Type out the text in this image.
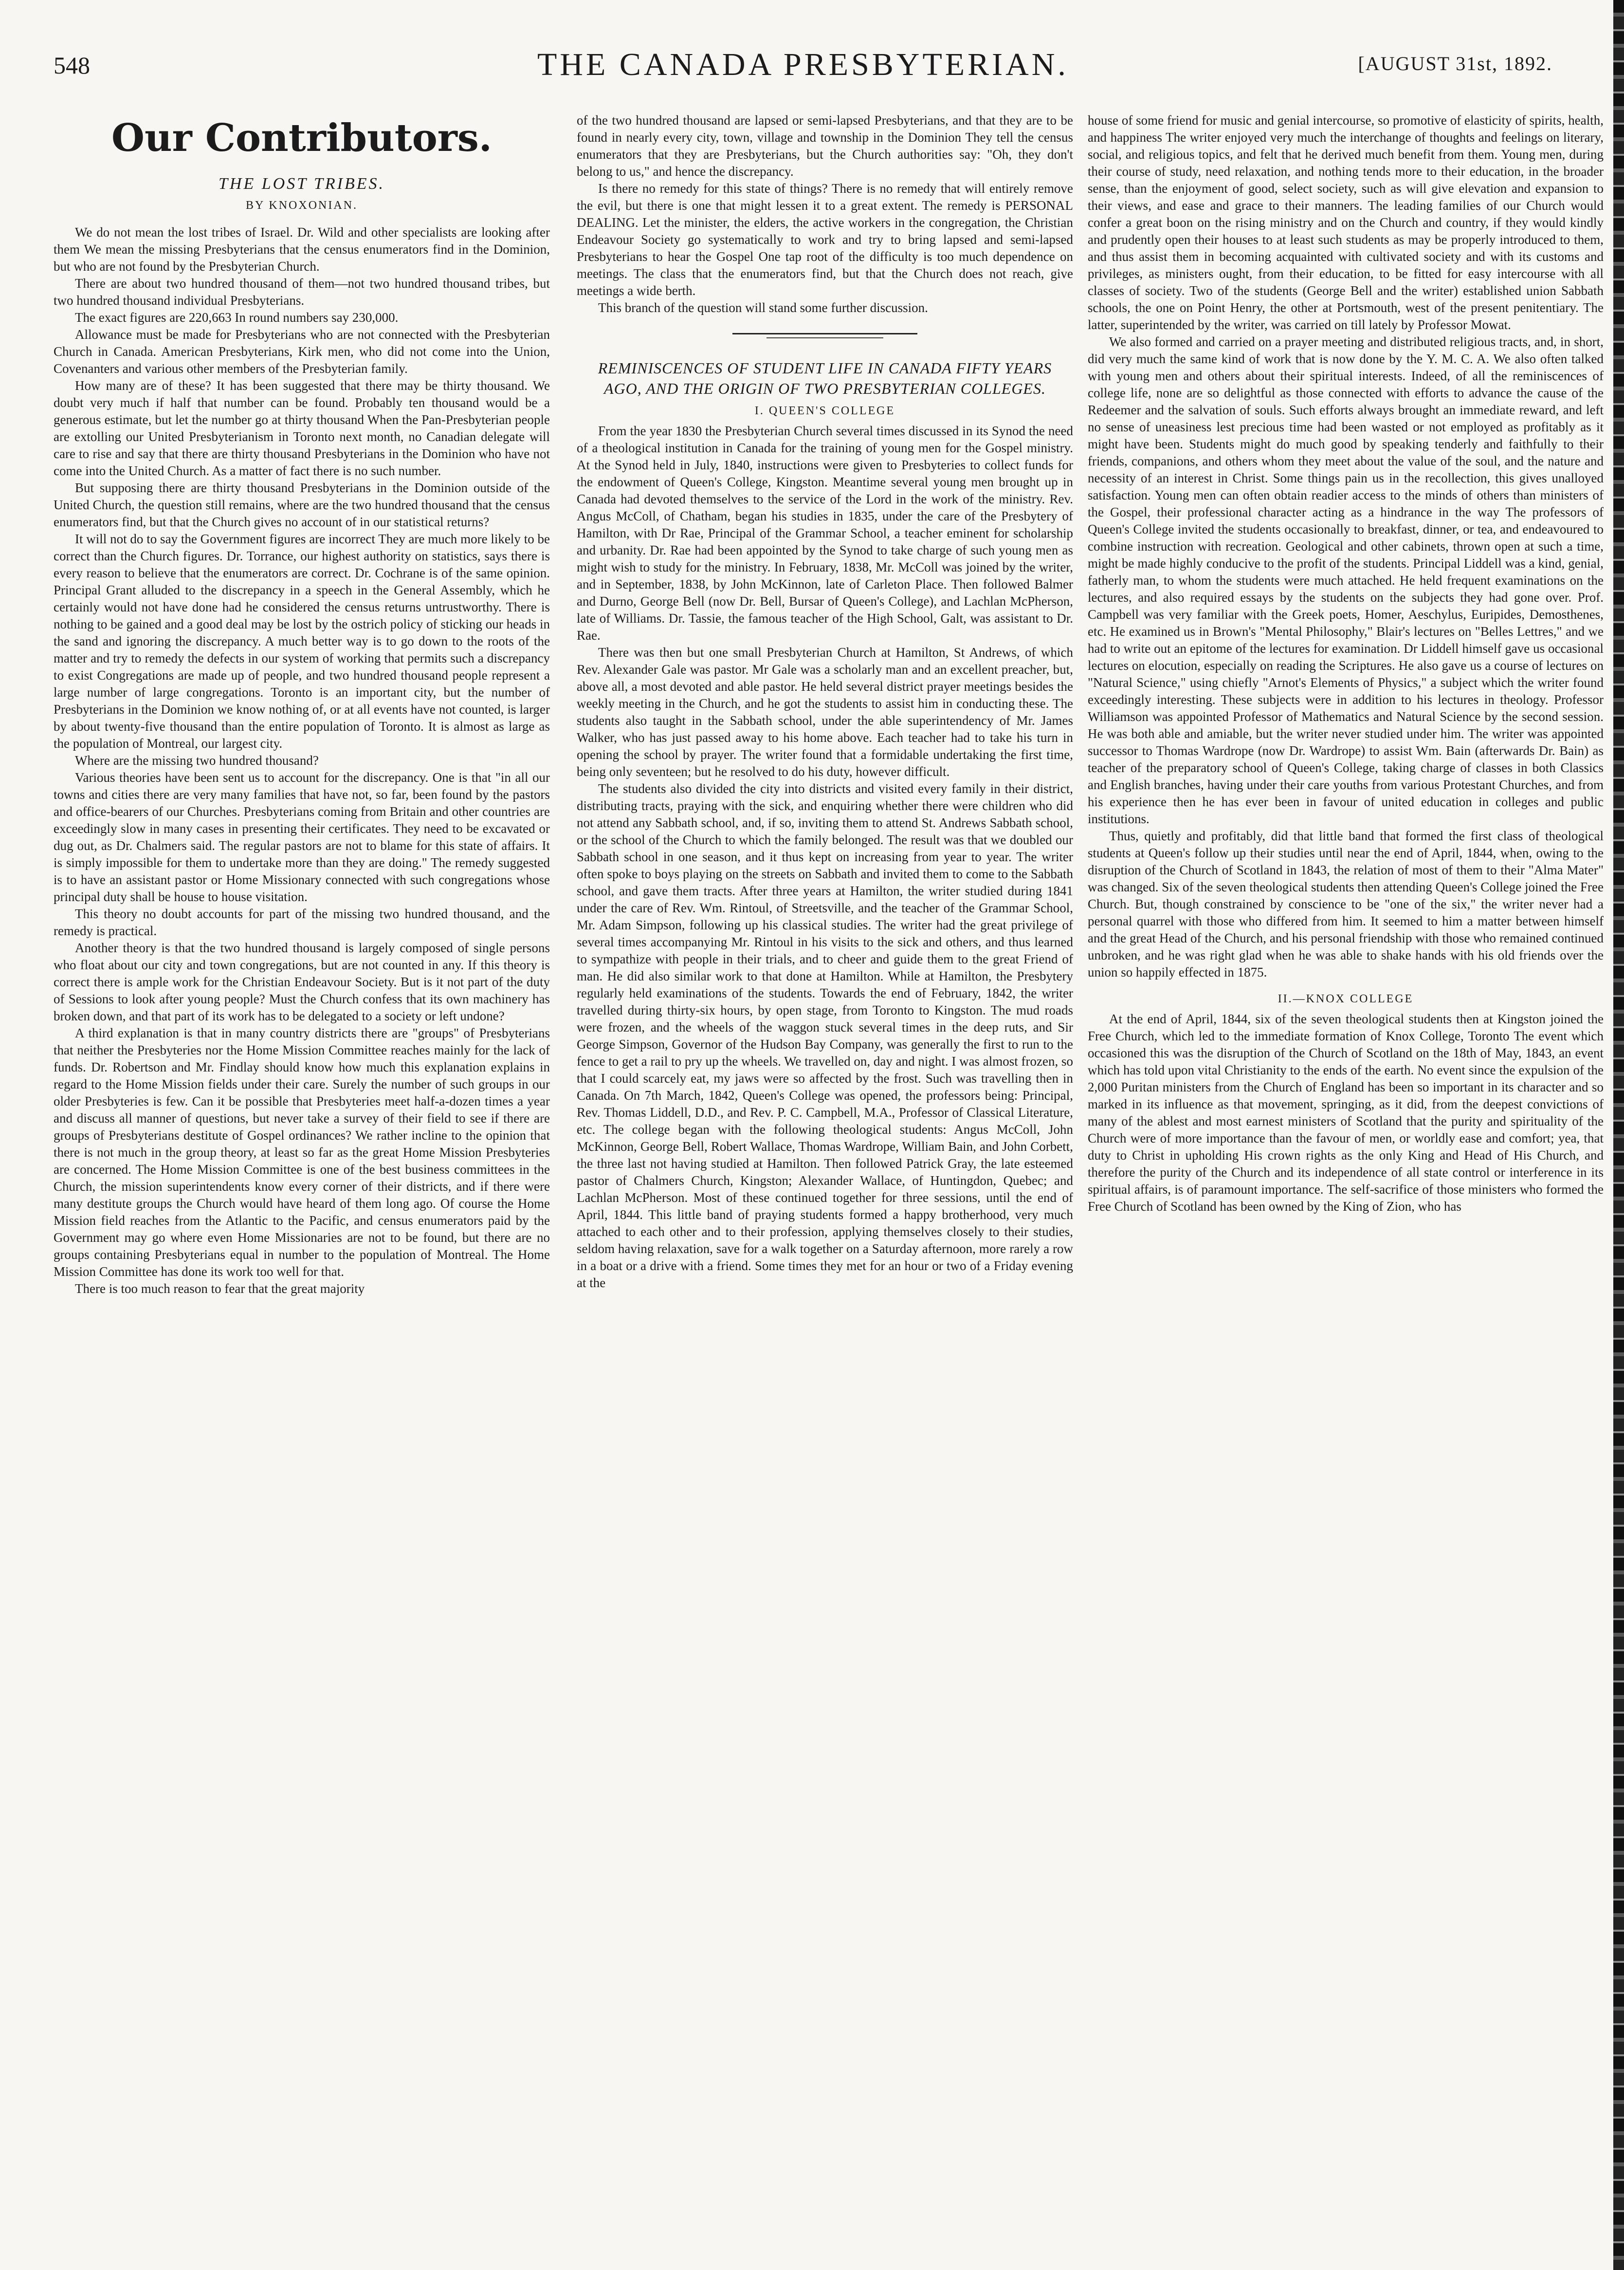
548	THE CANADA PRESBYTERIAN.	[AUGUST 31st, 1892.
Our Contributors.
THE LOST TRIBES.
BY KNOXONIAN.

We do not mean the lost tribes of Israel. Dr. Wild and other specialists are looking after them We mean the missing Presbyterians that the census enumerators find in the Dominion, but who are not found by the Presbyterian Church.

There are about two hundred thousand of them—not two hundred thousand tribes, but two hundred thousand individual Presbyterians.

The exact figures are 220,663 In round numbers say 230,000.

Allowance must be made for Presbyterians who are not connected with the Presbyterian Church in Canada. American Presbyterians, Kirk men, who did not come into the Union, Covenanters and various other members of the Presbyterian family.

How many are of these? It has been suggested that there may be thirty thousand. We doubt very much if half that number can be found. Probably ten thousand would be a generous estimate, but let the number go at thirty thousand When the Pan-Presbyterian people are extolling our United Presbyterianism in Toronto next month, no Canadian delegate will care to rise and say that there are thirty thousand Presbyterians in the Dominion who have not come into the United Church. As a matter of fact there is no such number.

But supposing there are thirty thousand Presbyterians in the Dominion outside of the United Church, the question still remains, where are the two hundred thousand that the census enumerators find, but that the Church gives no account of in our statistical returns?

It will not do to say the Government figures are incorrect They are much more likely to be correct than the Church figures. Dr. Torrance, our highest authority on statistics, says there is every reason to believe that the enumerators are correct. Dr. Cochrane is of the same opinion. Principal Grant alluded to the discrepancy in a speech in the General Assembly, which he certainly would not have done had he considered the census returns untrustworthy. There is nothing to be gained and a good deal may be lost by the ostrich policy of sticking our heads in the sand and ignoring the discrepancy. A much better way is to go down to the roots of the matter and try to remedy the defects in our system of working that permits such a discrepancy to exist Congregations are made up of people, and two hundred thousand people represent a large number of large congregations. Toronto is an important city, but the number of Presbyterians in the Dominion we know nothing of, or at all events have not counted, is larger by about twenty-five thousand than the entire population of Toronto. It is almost as large as the population of Montreal, our largest city.

Where are the missing two hundred thousand?

Various theories have been sent us to account for the discrepancy. One is that "in all our towns and cities there are very many families that have not, so far, been found by the pastors and office-bearers of our Churches. Presbyterians coming from Britain and other countries are exceedingly slow in many cases in presenting their certificates. They need to be excavated or dug out, as Dr. Chalmers said. The regular pastors are not to blame for this state of affairs. It is simply impossible for them to undertake more than they are doing." The remedy suggested is to have an assistant pastor or Home Missionary connected with such congregations whose principal duty shall be house to house visitation.

This theory no doubt accounts for part of the missing two hundred thousand, and the remedy is practical.

Another theory is that the two hundred thousand is largely composed of single persons who float about our city and town congregations, but are not counted in any. If this theory is correct there is ample work for the Christian Endeavour Society. But is it not part of the duty of Sessions to look after young people? Must the Church confess that its own machinery has broken down, and that part of its work has to be delegated to a society or left undone?

A third explanation is that in many country districts there are "groups" of Presbyterians that neither the Presbyteries nor the Home Mission Committee reaches mainly for the lack of funds. Dr. Robertson and Mr. Findlay should know how much this explanation explains in regard to the Home Mission fields under their care. Surely the number of such groups in our older Presbyteries is few. Can it be possible that Presbyteries meet half-a-dozen times a year and discuss all manner of questions, but never take a survey of their field to see if there are groups of Presbyterians destitute of Gospel ordinances? We rather incline to the opinion that there is not much in the group theory, at least so far as the great Home Mission Presbyteries are concerned. The Home Mission Committee is one of the best business committees in the Church, the mission superintendents know every corner of their districts, and if there were many destitute groups the Church would have heard of them long ago. Of course the Home Mission field reaches from the Atlantic to the Pacific, and census enumerators paid by the Government may go where even Home Missionaries are not to be found, but there are no groups containing Presbyterians equal in number to the population of Montreal. The Home Mission Committee has done its work too well for that.

There is too much reason to fear that the great majority

of the two hundred thousand are lapsed or semi-lapsed Presbyterians, and that they are to be found in nearly every city, town, village and township in the Dominion They tell the census enumerators that they are Presbyterians, but the Church authorities say: "Oh, they don't belong to us," and hence the discrepancy.

Is there no remedy for this state of things? There is no remedy that will entirely remove the evil, but there is one that might lessen it to a great extent. The remedy is PERSONAL DEALING. Let the minister, the elders, the active workers in the congregation, the Christian Endeavour Society go systematically to work and try to bring lapsed and semi-lapsed Presbyterians to hear the Gospel One tap root of the difficulty is too much dependence on meetings. The class that the enumerators find, but that the Church does not reach, give meetings a wide berth.

This branch of the question will stand some further discussion.

REMINISCENCES OF STUDENT LIFE IN CANADA FIFTY YEARS AGO, AND THE ORIGIN OF TWO PRESBYTERIAN COLLEGES.
I. QUEEN'S COLLEGE

From the year 1830 the Presbyterian Church several times discussed in its Synod the need of a theological institution in Canada for the training of young men for the Gospel ministry. At the Synod held in July, 1840, instructions were given to Presbyteries to collect funds for the endowment of Queen's College, Kingston. Meantime several young men brought up in Canada had devoted themselves to the service of the Lord in the work of the ministry. Rev. Angus McColl, of Chatham, began his studies in 1835, under the care of the Presbytery of Hamilton, with Dr Rae, Principal of the Grammar School, a teacher eminent for scholarship and urbanity. Dr. Rae had been appointed by the Synod to take charge of such young men as might wish to study for the ministry. In February, 1838, Mr. McColl was joined by the writer, and in September, 1838, by John McKinnon, late of Carleton Place. Then followed Balmer and Durno, George Bell (now Dr. Bell, Bursar of Queen's College), and Lachlan McPherson, late of Williams. Dr. Tassie, the famous teacher of the High School, Galt, was assistant to Dr. Rae.

There was then but one small Presbyterian Church at Hamilton, St Andrews, of which Rev. Alexander Gale was pastor. Mr Gale was a scholarly man and an excellent preacher, but, above all, a most devoted and able pastor. He held several district prayer meetings besides the weekly meeting in the Church, and he got the students to assist him in conducting these. The students also taught in the Sabbath school, under the able superintendency of Mr. James Walker, who has just passed away to his home above. Each teacher had to take his turn in opening the school by prayer. The writer found that a formidable undertaking the first time, being only seventeen; but he resolved to do his duty, however difficult.

The students also divided the city into districts and visited every family in their district, distributing tracts, praying with the sick, and enquiring whether there were children who did not attend any Sabbath school, and, if so, inviting them to attend St. Andrews Sabbath school, or the school of the Church to which the family belonged. The result was that we doubled our Sabbath school in one season, and it thus kept on increasing from year to year. The writer often spoke to boys playing on the streets on Sabbath and invited them to come to the Sabbath school, and gave them tracts. After three years at Hamilton, the writer studied during 1841 under the care of Rev. Wm. Rintoul, of Streetsville, and the teacher of the Grammar School, Mr. Adam Simpson, following up his classical studies. The writer had the great privilege of several times accompanying Mr. Rintoul in his visits to the sick and others, and thus learned to sympathize with people in their trials, and to cheer and guide them to the great Friend of man. He did also similar work to that done at Hamilton. While at Hamilton, the Presbytery regularly held examinations of the students. Towards the end of February, 1842, the writer travelled during thirty-six hours, by open stage, from Toronto to Kingston. The mud roads were frozen, and the wheels of the waggon stuck several times in the deep ruts, and Sir George Simpson, Governor of the Hudson Bay Company, was generally the first to run to the fence to get a rail to pry up the wheels. We travelled on, day and night. I was almost frozen, so that I could scarcely eat, my jaws were so affected by the frost. Such was travelling then in Canada. On 7th March, 1842, Queen's College was opened, the professors being: Principal, Rev. Thomas Liddell, D.D., and Rev. P. C. Campbell, M.A., Professor of Classical Literature, etc. The college began with the following theological students: Angus McColl, John McKinnon, George Bell, Robert Wallace, Thomas Wardrope, William Bain, and John Corbett, the three last not having studied at Hamilton. Then followed Patrick Gray, the late esteemed pastor of Chalmers Church, Kingston; Alexander Wallace, of Huntingdon, Quebec; and Lachlan McPherson. Most of these continued together for three sessions, until the end of April, 1844. This little band of praying students formed a happy brotherhood, very much attached to each other and to their profession, applying themselves closely to their studies, seldom having relaxation, save for a walk together on a Saturday afternoon, more rarely a row in a boat or a drive with a friend. Some times they met for an hour or two of a Friday evening at the

house of some friend for music and genial intercourse, so promotive of elasticity of spirits, health, and happiness The writer enjoyed very much the interchange of thoughts and feelings on literary, social, and religious topics, and felt that he derived much benefit from them. Young men, during their course of study, need relaxation, and nothing tends more to their education, in the broader sense, than the enjoyment of good, select society, such as will give elevation and expansion to their views, and ease and grace to their manners. The leading families of our Church would confer a great boon on the rising ministry and on the Church and country, if they would kindly and prudently open their houses to at least such students as may be properly introduced to them, and thus assist them in becoming acquainted with cultivated society and with its customs and privileges, as ministers ought, from their education, to be fitted for easy intercourse with all classes of society. Two of the students (George Bell and the writer) established union Sabbath schools, the one on Point Henry, the other at Portsmouth, west of the present penitentiary. The latter, superintended by the writer, was carried on till lately by Professor Mowat.

We also formed and carried on a prayer meeting and distributed religious tracts, and, in short, did very much the same kind of work that is now done by the Y. M. C. A. We also often talked with young men and others about their spiritual interests. Indeed, of all the reminiscences of college life, none are so delightful as those connected with efforts to advance the cause of the Redeemer and the salvation of souls. Such efforts always brought an immediate reward, and left no sense of uneasiness lest precious time had been wasted or not employed as profitably as it might have been. Students might do much good by speaking tenderly and faithfully to their friends, companions, and others whom they meet about the value of the soul, and the nature and necessity of an interest in Christ. Some things pain us in the recollection, this gives unalloyed satisfaction. Young men can often obtain readier access to the minds of others than ministers of the Gospel, their professional character acting as a hindrance in the way The professors of Queen's College invited the students occasionally to breakfast, dinner, or tea, and endeavoured to combine instruction with recreation. Geological and other cabinets, thrown open at such a time, might be made highly conducive to the profit of the students. Principal Liddell was a kind, genial, fatherly man, to whom the students were much attached. He held frequent examinations on the lectures, and also required essays by the students on the subjects they had gone over. Prof. Campbell was very familiar with the Greek poets, Homer, Aeschylus, Euripides, Demosthenes, etc. He examined us in Brown's "Mental Philosophy," Blair's lectures on "Belles Lettres," and we had to write out an epitome of the lectures for examination. Dr Liddell himself gave us occasional lectures on elocution, especially on reading the Scriptures. He also gave us a course of lectures on "Natural Science," using chiefly "Arnot's Elements of Physics," a subject which the writer found exceedingly interesting. These subjects were in addition to his lectures in theology. Professor Williamson was appointed Professor of Mathematics and Natural Science by the second session. He was both able and amiable, but the writer never studied under him. The writer was appointed successor to Thomas Wardrope (now Dr. Wardrope) to assist Wm. Bain (afterwards Dr. Bain) as teacher of the preparatory school of Queen's College, taking charge of classes in both Classics and English branches, having under their care youths from various Protestant Churches, and from his experience then he has ever been in favour of united education in colleges and public institutions.

Thus, quietly and profitably, did that little band that formed the first class of theological students at Queen's follow up their studies until near the end of April, 1844, when, owing to the disruption of the Church of Scotland in 1843, the relation of most of them to their "Alma Mater" was changed. Six of the seven theological students then attending Queen's College joined the Free Church. But, though constrained by conscience to be "one of the six," the writer never had a personal quarrel with those who differed from him. It seemed to him a matter between himself and the great Head of the Church, and his personal friendship with those who remained continued unbroken, and he was right glad when he was able to shake hands with his old friends over the union so happily effected in 1875.

II.—KNOX COLLEGE

At the end of April, 1844, six of the seven theological students then at Kingston joined the Free Church, which led to the immediate formation of Knox College, Toronto The event which occasioned this was the disruption of the Church of Scotland on the 18th of May, 1843, an event which has told upon vital Christianity to the ends of the earth. No event since the expulsion of the 2,000 Puritan ministers from the Church of England has been so important in its character and so marked in its influence as that movement, springing, as it did, from the deepest convictions of many of the ablest and most earnest ministers of Scotland that the purity and spirituality of the Church were of more importance than the favour of men, or worldly ease and comfort; yea, that duty to Christ in upholding His crown rights as the only King and Head of His Church, and therefore the purity of the Church and its independence of all state control or interference in its spiritual affairs, is of paramount importance. The self-sacrifice of those ministers who formed the Free Church of Scotland has been owned by the King of Zion, who has
